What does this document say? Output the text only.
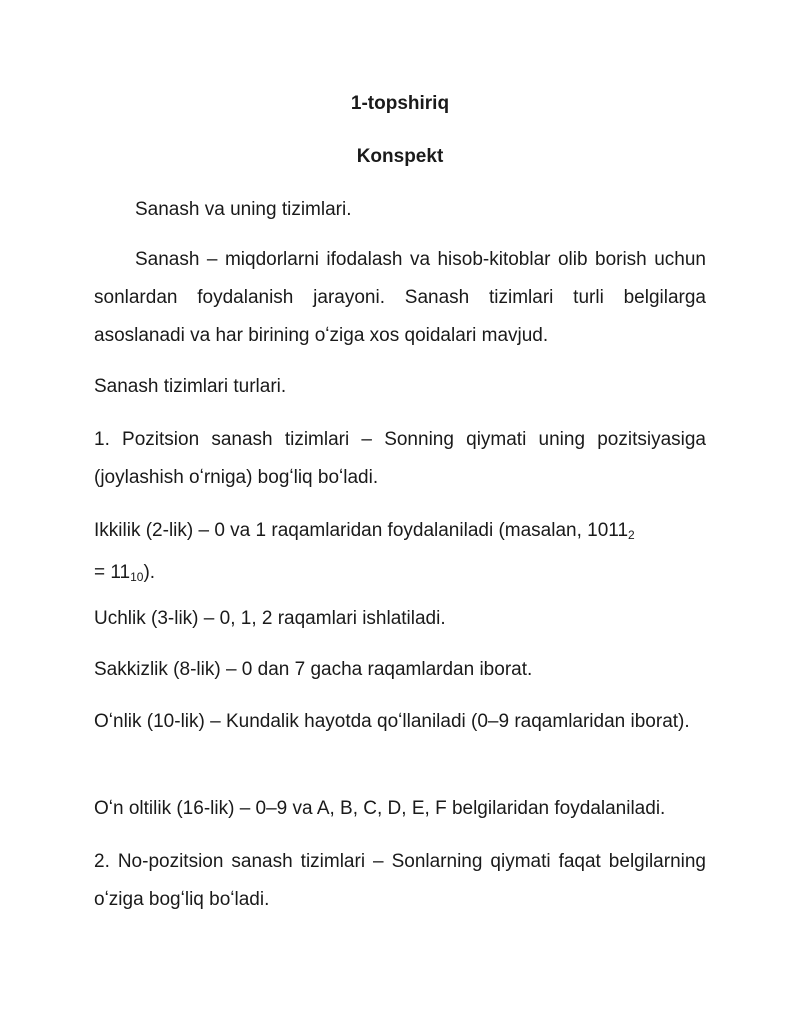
1-topshiriq
Konspekt

Sanash va uning tizimlari.

Sanash – miqdorlarni ifodalash va hisob-kitoblar olib borish uchun sonlardan foydalanish jarayoni. Sanash tizimlari turli belgilarga asoslanadi va har birining oʻziga xos qoidalari mavjud.

Sanash tizimlari turlari.

1. Pozitsion sanash tizimlari – Sonning qiymati uning pozitsiyasiga (joylashish oʻrniga) bogʻliq boʻladi.

Ikkilik (2-lik) – 0 va 1 raqamlaridan foydalaniladi (masalan, $1011_2$
= $11_{10}$).

Uchlik (3-lik) – 0, 1, 2 raqamlari ishlatiladi.

Sakkizlik (8-lik) – 0 dan 7 gacha raqamlardan iborat.

Oʻnlik (10-lik) – Kundalik hayotda qoʻllaniladi (0–9 raqamlaridan iborat).

Oʻn oltilik (16-lik) – 0–9 va A, B, C, D, E, F belgilaridan foydalaniladi.

2. No-pozitsion sanash tizimlari – Sonlarning qiymati faqat belgilarning oʻziga bogʻliq boʻladi.
